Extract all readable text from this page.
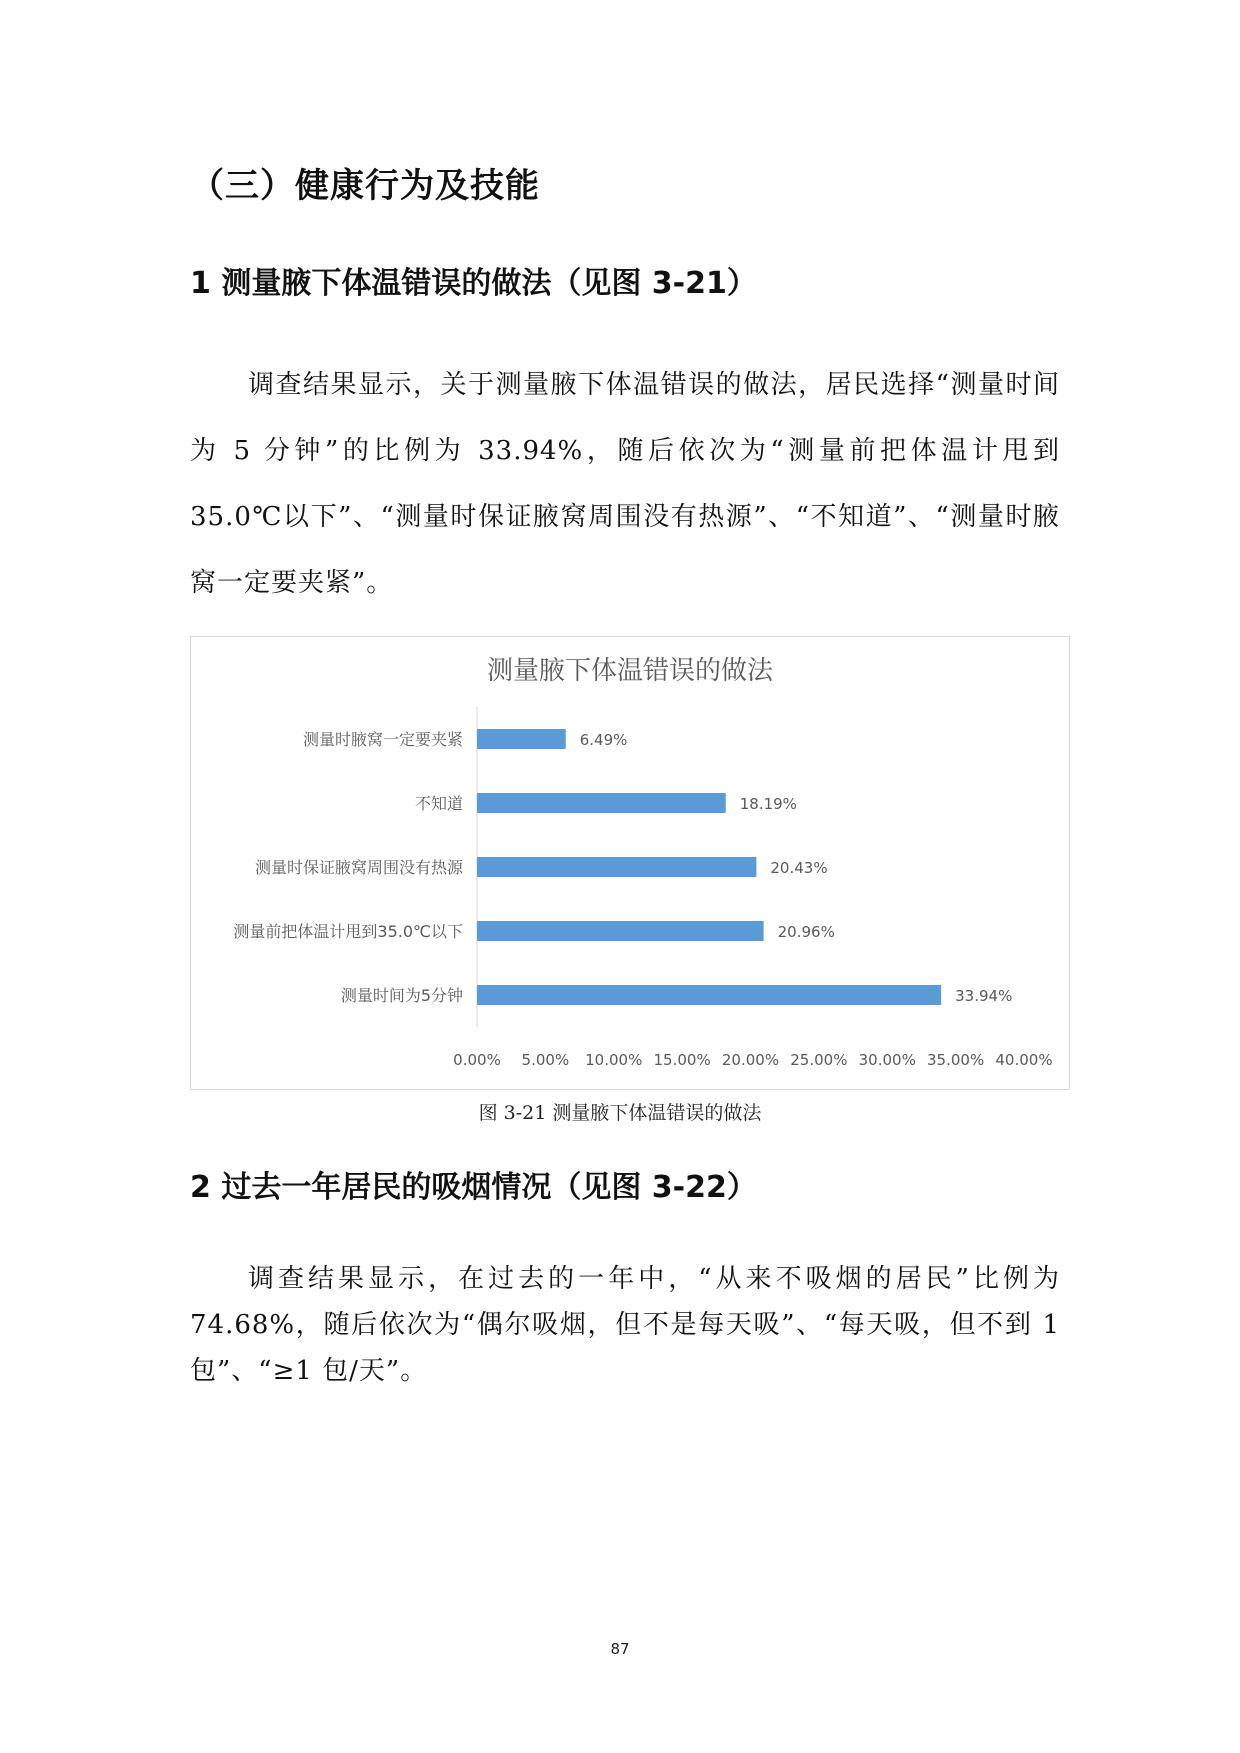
（三）健康行为及技能
1 测量腋下体温错误的做法（见图 3-21）

调查结果显示，关于测量腋下体温错误的做法，居民选择“测量时间为 5 分钟”的比例为 33.94%，随后依次为“测量前把体温计甩到 35.0℃以下”、“测量时保证腋窝周围没有热源”、“不知道”、“测量时腋窝一定要夹紧”。

测量腋下体温错误的做法
测量时腋窝一定要夹紧	6.49%
不知道	18.19%
测量时保证腋窝周围没有热源	20.43%
测量前把体温计甩到35.0℃以下	20.96%
测量时间为5分钟	33.94%
0.00% 5.00% 10.00% 15.00% 20.00% 25.00% 30.00% 35.00% 40.00%
图 3-21 测量腋下体温错误的做法
2 过去一年居民的吸烟情况（见图 3-22）

调查结果显示，在过去的一年中，“从来不吸烟的居民”比例为 74.68%，随后依次为“偶尔吸烟，但不是每天吸”、“每天吸，但不到 1 包”、“≥1 包/天”。

87
